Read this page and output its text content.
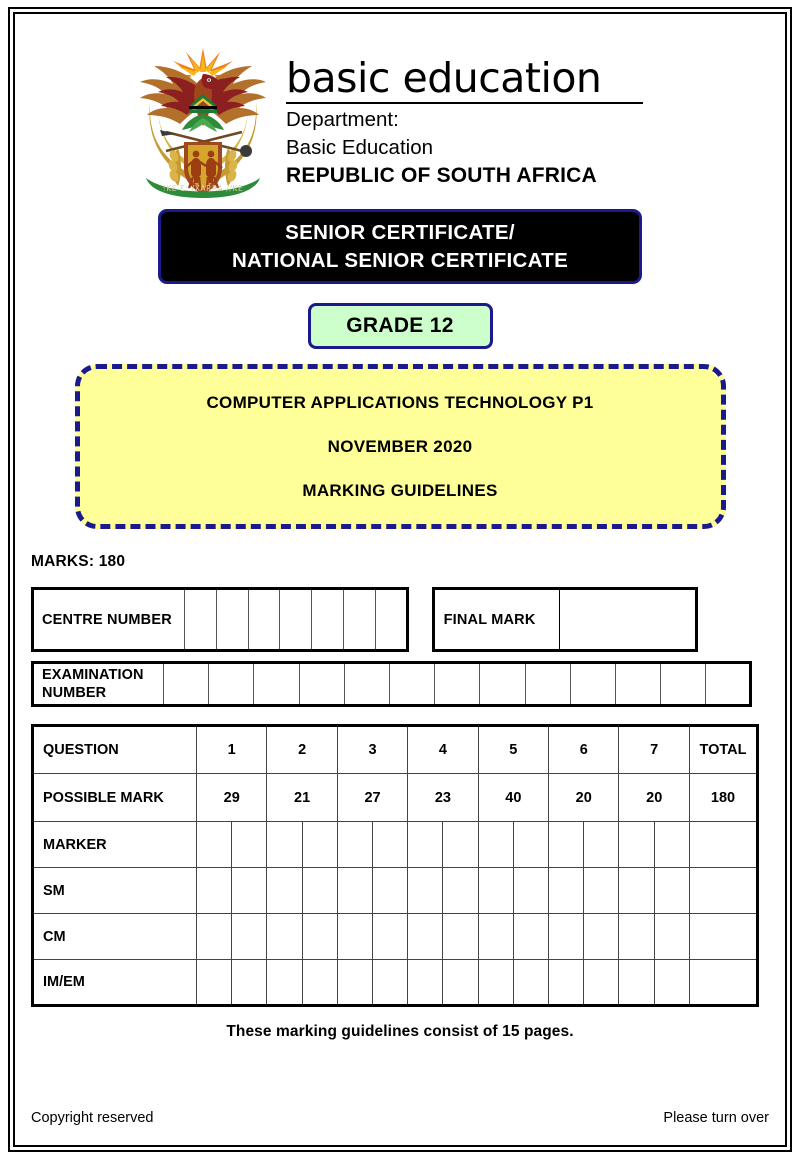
!KE E: /XARRA //KE
basic education
Department:
Basic Education
REPUBLIC OF SOUTH AFRICA
SENIOR CERTIFICATE/
NATIONAL SENIOR CERTIFICATE
GRADE 12
COMPUTER APPLICATIONS TECHNOLOGY P1
NOVEMBER 2020
MARKING GUIDELINES
MARKS: 180
CENTRE NUMBER								FINAL MARK	
EXAMINATION
NUMBER													
QUESTION	1		2		3		4		5		6		7		TOTAL
POSSIBLE MARK	29		21		27		23		40		20		20		180
MARKER															
SM															
CM															
IM/EM															
These marking guidelines consist of 15 pages.
Copyright reserved	Please turn over
